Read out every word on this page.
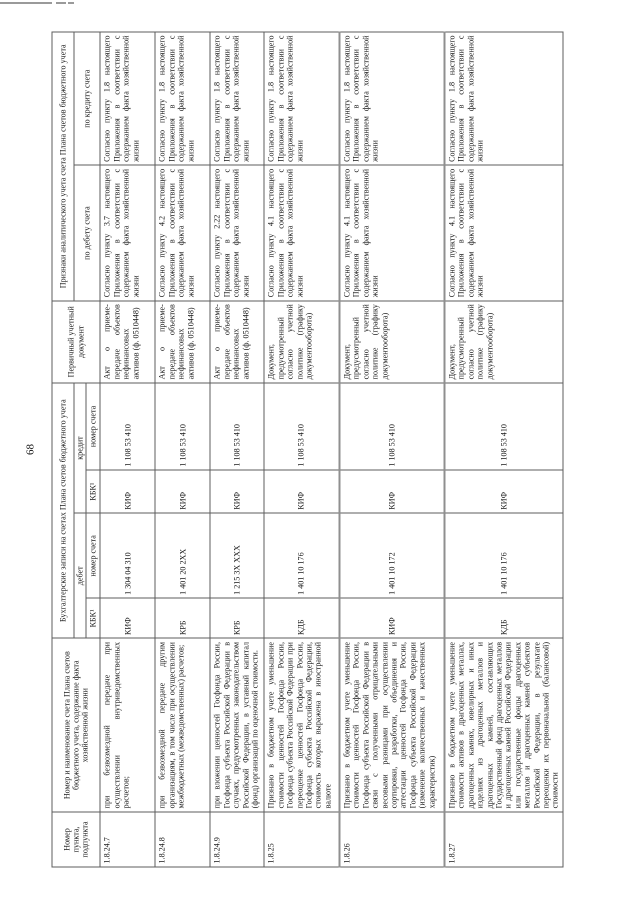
68
Номер пункта, подпункта	Номер и наименование счета Плана счетов бюджетного учета, содержание факта хозяйственной жизни	Бухгалтерские записи на счетах Плана счетов бюджетного учета				Первичный учетный документ	Признаки аналитического учета счета Плана счетов бюджетного учета	
		дебет		кредит			по дебету счета	по кредиту счета
		КБК¹	номер счета	КБК¹	номер счета			
1.8.24.7	при безвозмездной передаче при осуществлении внутриведомственных расчетов;	КИФ	1 304 04 310	КИФ	1 108 53 410	Акт о приеме-передаче объектов нефинансовых активов (ф. 0510448)	Согласно пункту 3.7 настоящего Приложения в соответствии с содержанием факта хозяйственной жизни	Согласно пункту 1.8 настоящего Приложения в соответствии с содержанием факта хозяйственной жизни
1.8.24.8	при безвозмездной передаче другим организациям, в том числе при осуществлении межбюджетных (межведомственных) расчетов;	КРБ	1 401 20 2ХХ	КИФ	1 108 53 410	Акт о приеме-передаче объектов нефинансовых активов (ф. 0510448)	Согласно пункту 4.2 настоящего Приложения в соответствии с содержанием факта хозяйственной жизни	Согласно пункту 1.8 настоящего Приложения в соответствии с содержанием факта хозяйственной жизни
1.8.24.9	при вложении ценностей Госфонда России, Госфонда субъекта Российской Федерации в случаях, предусмотренных законодательством Российской Федерации, в уставный капитал (фонд) организаций по оценочной стоимости.	КРБ	1 215 3Х ХХХ	КИФ	1 108 53 410	Акт о приеме-передаче объектов нефинансовых активов (ф. 0510448)	Согласно пункту 2.22 настоящего Приложения в соответствии с содержанием факта хозяйственной жизни	Согласно пункту 1.8 настоящего Приложения в соответствии с содержанием факта хозяйственной жизни
1.8.25	Признано в бюджетном учете уменьшение стоимости ценностей Госфонда России, Госфонда субъекта Российской Федерации при переоценке ценностей Госфонда России, Госфонда субъекта Российской Федерации, стоимость которых выражена в иностранной валюте	КДБ	1 401 10 176	КИФ	1 108 53 410	Документ, предусмотренный согласно учетной политике (графику документооборота)	Согласно пункту 4.1 настоящего Приложения в соответствии с содержанием факта хозяйственной жизни	Согласно пункту 1.8 настоящего Приложения в соответствии с содержанием факта хозяйственной жизни
1.8.26	Признано в бюджетном учете уменьшение стоимости ценностей Госфонда России, Госфонда субъекта Российской Федерации в связи с полученными отрицательными весовыми разницами при осуществлении сортировки, разработки, объединения и аттестации ценностей Госфонда России, Госфонда субъекта Российской Федерации (изменение количественных и качественных характеристик)	КИФ	1 401 10 172	КИФ	1 108 53 410	Документ, предусмотренный согласно учетной политике (графику документооборота)	Согласно пункту 4.1 настоящего Приложения в соответствии с содержанием факта хозяйственной жизни	Согласно пункту 1.8 настоящего Приложения в соответствии с содержанием факта хозяйственной жизни
1.8.27	Признано в бюджетном учете уменьшение стоимости активов в драгоценных металлах, драгоценных камнях, ювелирных и иных изделиях из драгоценных металлов и драгоценных камней, составляющих Государственный фонд драгоценных металлов и драгоценных камней Российской Федерации или государственные фонды драгоценных металлов и драгоценных камней субъектов Российской Федерации, в результате переоценки их первоначальной (балансовой) стоимости	КДБ	1 401 10 176	КИФ	1 108 53 410	Документ, предусмотренный согласно учетной политике (графику документооборота)	Согласно пункту 4.1 настоящего Приложения в соответствии с содержанием факта хозяйственной жизни	Согласно пункту 1.8 настоящего Приложения в соответствии с содержанием факта хозяйственной жизни
